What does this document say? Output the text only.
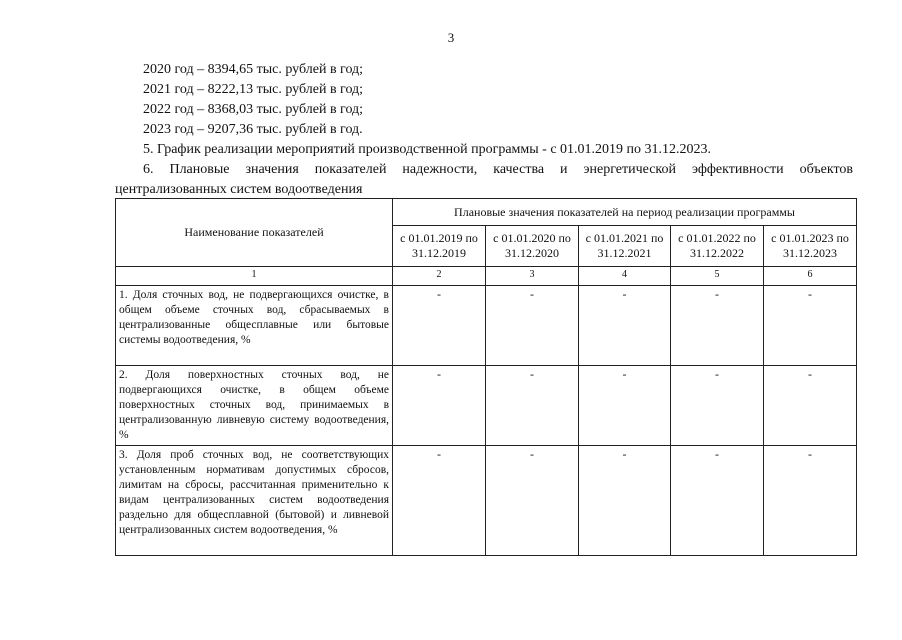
3
2020 год – 8394,65 тыс. рублей в год;
2021 год – 8222,13 тыс. рублей в год;
2022 год – 8368,03 тыс. рублей в год;
2023 год – 9207,36 тыс. рублей в год.
5. График реализации мероприятий производственной программы - с 01.01.2019 по 31.12.2023.
6. Плановые значения показателей надежности, качества и энергетической эффективности объектов
централизованных систем водоотведения
Наименование показателей	Плановые значения показателей на период реализации программы				
	с 01.01.2019 по 31.12.2019	с 01.01.2020 по 31.12.2020	с 01.01.2021 по 31.12.2021	с 01.01.2022 по 31.12.2022	с 01.01.2023 по 31.12.2023
1	2	3	4	5	6
1. Доля сточных вод, не подвергающихся очистке, в общем объеме сточных вод, сбрасываемых в централизованные общесплавные или бытовые системы водоотведения, %	-	-	-	-	-
2. Доля поверхностных сточных вод, не подвергающихся очистке, в общем объеме поверхностных сточных вод, принимаемых в централизованную ливневую систему водоотведения, %	-	-	-	-	-
3. Доля проб сточных вод, не соответствующих установленным нормативам допустимых сбросов, лимитам на сбросы, рассчитанная применительно к видам централизованных систем водоотведения раздельно для общесплавной (бытовой) и ливневой централизованных систем водоотведения, %	-	-	-	-	-
